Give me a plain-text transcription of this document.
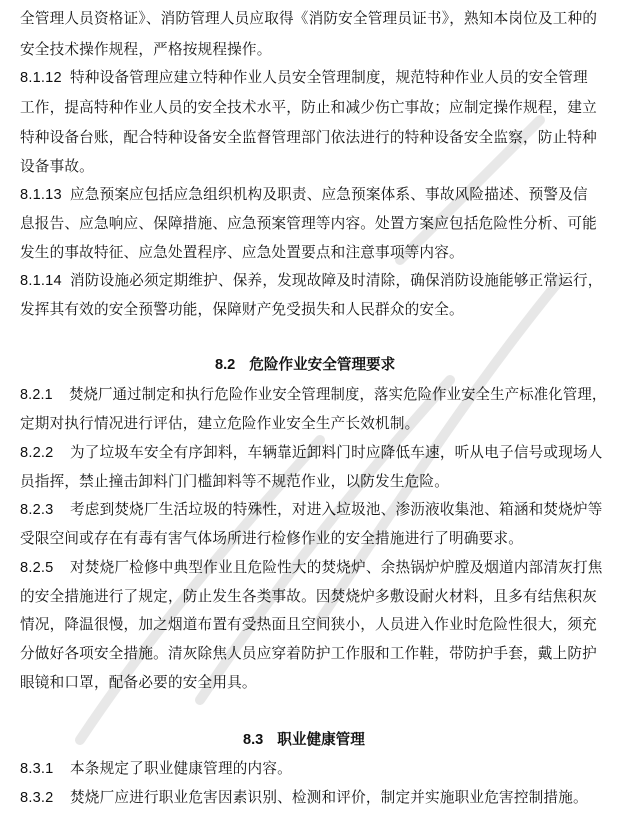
全管理人员资格证》、消防管理人员应取得《消防安全管理员证书》，熟知本岗位及工种的
安全技术操作规程，严格按规程操作。
8.1.12 特种设备管理应建立特种作业人员安全管理制度，规范特种作业人员的安全管理
工作，提高特种作业人员的安全技术水平，防止和减少伤亡事故；应制定操作规程，建立
特种设备台账，配合特种设备安全监督管理部门依法进行的特种设备安全监察，防止特种
设备事故。
8.1.13 应急预案应包括应急组织机构及职责、应急预案体系、事故风险描述、预警及信
息报告、应急响应、保障措施、应急预案管理等内容。处置方案应包括危险性分析、可能
发生的事故特征、应急处置程序、应急处置要点和注意事项等内容。
8.1.14 消防设施必须定期维护、保养，发现故障及时清除，确保消防设施能够正常运行，
发挥其有效的安全预警功能，保障财产免受损失和人民群众的安全。
8.2 危险作业安全管理要求
8.2.1 焚烧厂通过制定和执行危险作业安全管理制度，落实危险作业安全生产标准化管理，
定期对执行情况进行评估，建立危险作业安全生产长效机制。
8.2.2 为了垃圾车安全有序卸料，车辆靠近卸料门时应降低车速，听从电子信号或现场人
员指挥，禁止撞击卸料门门槛卸料等不规范作业，以防发生危险。
8.2.3 考虑到焚烧厂生活垃圾的特殊性，对进入垃圾池、渗沥液收集池、箱涵和焚烧炉等
受限空间或存在有毒有害气体场所进行检修作业的安全措施进行了明确要求。
8.2.5 对焚烧厂检修中典型作业且危险性大的焚烧炉、余热锅炉炉膛及烟道内部清灰打焦
的安全措施进行了规定，防止发生各类事故。因焚烧炉多敷设耐火材料，且多有结焦积灰
情况，降温很慢，加之烟道布置有受热面且空间狭小，人员进入作业时危险性很大，须充
分做好各项安全措施。清灰除焦人员应穿着防护工作服和工作鞋，带防护手套，戴上防护
眼镜和口罩，配备必要的安全用具。
8.3 职业健康管理
8.3.1 本条规定了职业健康管理的内容。
8.3.2 焚烧厂应进行职业危害因素识别、检测和评价，制定并实施职业危害控制措施。
